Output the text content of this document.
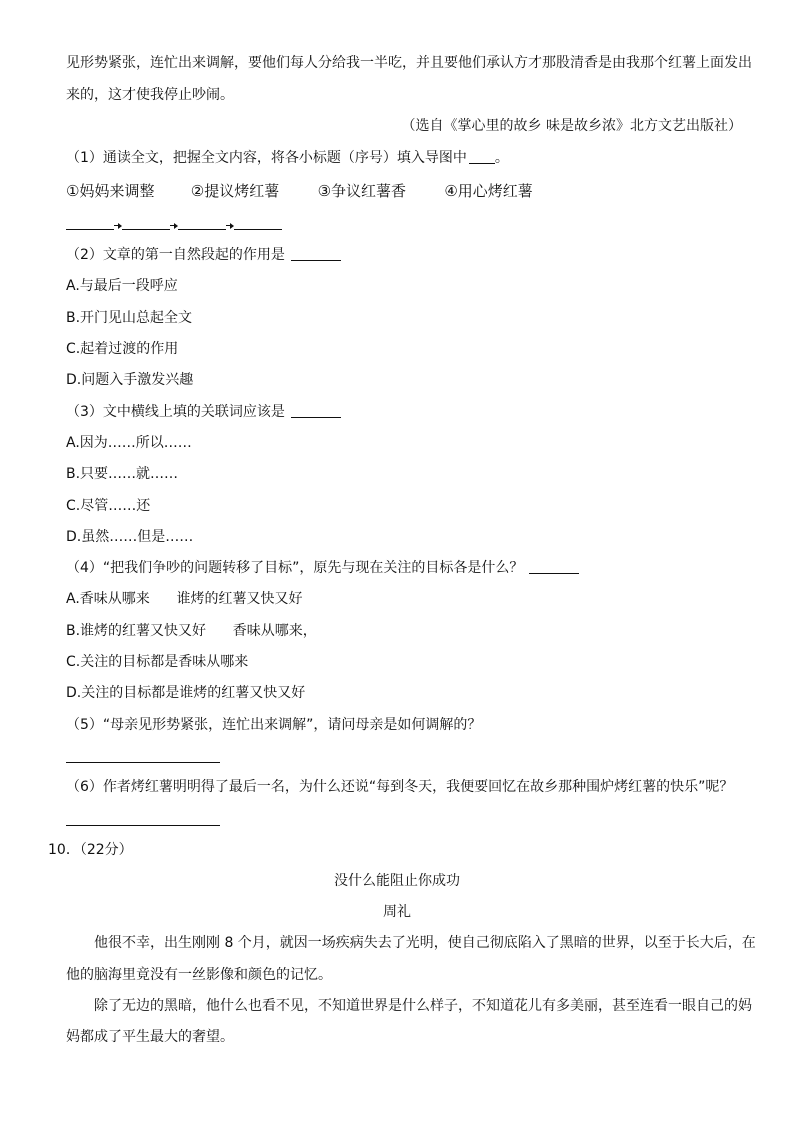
见形势紧张，连忙出来调解，要他们每人分给我一半吃，并且要他们承认方才那股清香是由我那个红薯上面发出
来的，这才使我停止吵闹。
（选自《掌心里的故乡 味是故乡浓》北方文艺出版社）
（1）通读全文，把握全文内容，将各小标题（序号）填入导图中 。
①妈妈来调整 ②提议烤红薯	③争议红薯香	④用心烤红薯
（2）文章的第一自然段起的作用是
A.与最后一段呼应
B.开门见山总起全文
C.起着过渡的作用
D.问题入手激发兴趣
（3）文中横线上填的关联词应该是
A.因为……所以……
B.只要……就……
C.尽管……还
D.虽然……但是……
（4）“把我们争吵的问题转移了目标”，原先与现在关注的目标各是什么？
A.香味从哪来      谁烤的红薯又快又好
B.谁烤的红薯又快又好      香味从哪来，
C.关注的目标都是香味从哪来
D.关注的目标都是谁烤的红薯又快又好
（5）“母亲见形势紧张，连忙出来调解”，请问母亲是如何调解的？
（6）作者烤红薯明明得了最后一名，为什么还说“每到冬天，我便要回忆在故乡那种围炉烤红薯的快乐”呢？
10．（22分）
没什么能阻止你成功
周礼
他很不幸，出生刚刚 8 个月，就因一场疾病失去了光明，使自己彻底陷入了黑暗的世界，以至于长大后，在
他的脑海里竟没有一丝影像和颜色的记忆。
除了无边的黑暗，他什么也看不见，不知道世界是什么样子，不知道花儿有多美丽，甚至连看一眼自己的妈
妈都成了平生最大的奢望。
